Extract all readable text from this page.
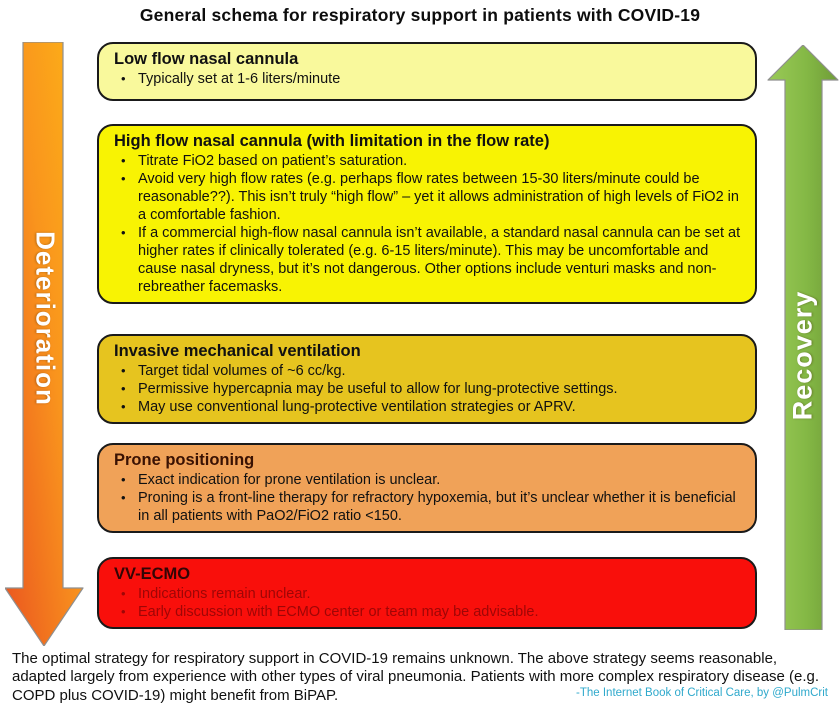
General schema for respiratory support in patients with COVID-19
Deterioration	Recovery
Low flow nasal cannula
• Typically set at 1-6 liters/minute
High flow nasal cannula (with limitation in the flow rate)
• Titrate FiO2 based on patient’s saturation.
• Avoid very high flow rates (e.g. perhaps flow rates between 15-30 liters/minute could be reasonable??). This isn’t truly “high flow” – yet it allows administration of high levels of FiO2 in a comfortable fashion.
• If a commercial high-flow nasal cannula isn’t available, a standard nasal cannula can be set at higher rates if clinically tolerated (e.g. 6-15 liters/minute). This may be uncomfortable and cause nasal dryness, but it’s not dangerous. Other options include venturi masks and non-rebreather facemasks.
Invasive mechanical ventilation
• Target tidal volumes of ~6 cc/kg.
• Permissive hypercapnia may be useful to allow for lung-protective settings.
• May use conventional lung-protective ventilation strategies or APRV.
Prone positioning
• Exact indication for prone ventilation is unclear.
• Proning is a front-line therapy for refractory hypoxemia, but it’s unclear whether it is beneficial in all patients with PaO2/FiO2 ratio <150.
VV-ECMO
• Indications remain unclear.
• Early discussion with ECMO center or team may be advisable.
The optimal strategy for respiratory support in COVID-19 remains unknown. The above strategy seems reasonable, adapted largely from experience with other types of viral pneumonia. Patients with more complex respiratory disease (e.g. COPD plus COVID-19) might benefit from BiPAP.	-The Internet Book of Critical Care, by @PulmCrit
